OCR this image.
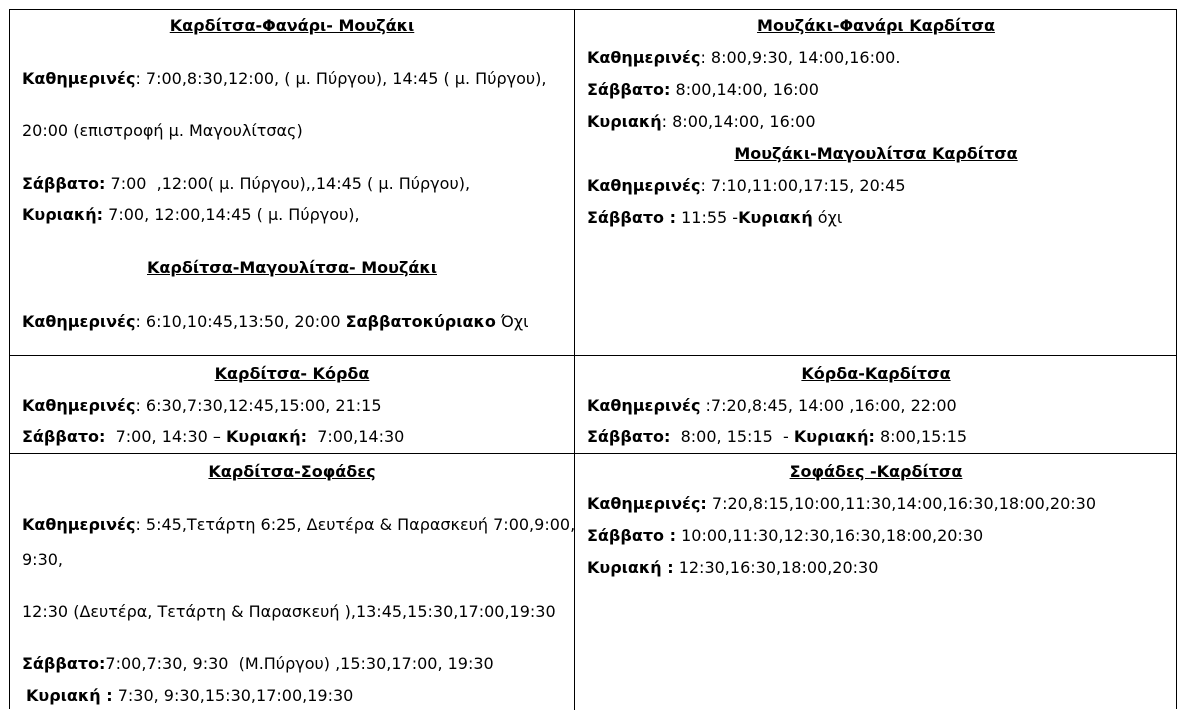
Καρδίτσα-Φανάρι- Μουζάκι
Καθημερινές: 7:00,8:30,12:00, ( μ. Πύργου), 14:45 ( μ. Πύργου),
20:00 (επιστροφή μ. Μαγουλίτσας)
Σάββατο: 7:00  ,12:00( μ. Πύργου),,14:45 ( μ. Πύργου),
Κυριακή: 7:00, 12:00,14:45 ( μ. Πύργου),
Καρδίτσα-Μαγουλίτσα- Μουζάκι
Καθημερινές: 6:10,10:45,13:50, 20:00 Σαββατοκύριακο Όχι
Μουζάκι-Φανάρι Καρδίτσα
Καθημερινές: 8:00,9:30, 14:00,16:00.
Σάββατο: 8:00,14:00, 16:00
Κυριακή: 8:00,14:00, 16:00
Μουζάκι-Μαγουλίτσα Καρδίτσα
Καθημερινές: 7:10,11:00,17:15, 20:45
Σάββατο : 11:55 -Κυριακή όχι
Καρδίτσα- Κόρδα
Καθημερινές: 6:30,7:30,12:45,15:00, 21:15
Σάββατο:  7:00, 14:30 – Κυριακή:  7:00,14:30
Κόρδα-Καρδίτσα
Καθημερινές :7:20,8:45, 14:00 ,16:00, 22:00
Σάββατο:  8:00, 15:15  - Κυριακή: 8:00,15:15
Καρδίτσα-Σοφάδες
Καθημερινές: 5:45,Τετάρτη 6:25, Δευτέρα & Παρασκευή 7:00,9:00,
9:30,
12:30 (Δευτέρα, Τετάρτη & Παρασκευή ),13:45,15:30,17:00,19:30
Σάββατο:7:00,7:30, 9:30  (Μ.Πύργου) ,15:30,17:00, 19:30
Κυριακή : 7:30, 9:30,15:30,17:00,19:30
Σοφάδες -Καρδίτσα
Καθημερινές: 7:20,8:15,10:00,11:30,14:00,16:30,18:00,20:30
Σάββατο : 10:00,11:30,12:30,16:30,18:00,20:30
Κυριακή : 12:30,16:30,18:00,20:30
